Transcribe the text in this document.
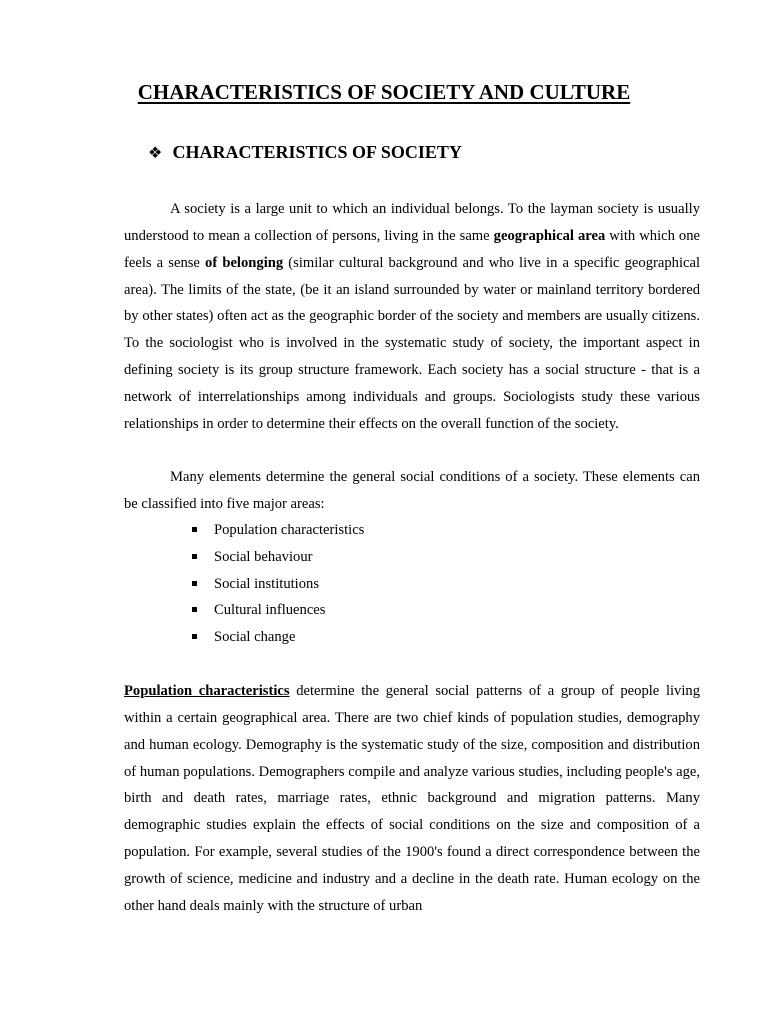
CHARACTERISTICS OF SOCIETY AND CULTURE
❖ CHARACTERISTICS OF SOCIETY

A society is a large unit to which an individual belongs. To the layman society is usually understood to mean a collection of persons, living in the same geographical area with which one feels a sense of belonging (similar cultural background and who live in a specific geographical area). The limits of the state, (be it an island surrounded by water or mainland territory bordered by other states) often act as the geographic border of the society and members are usually citizens. To the sociologist who is involved in the systematic study of society, the important aspect in defining society is its group structure framework. Each society has a social structure - that is a network of interrelationships among individuals and groups. Sociologists study these various relationships in order to determine their effects on the overall function of the society.

Many elements determine the general social conditions of a society. These elements can be classified into five major areas:

Population characteristics
Social behaviour
Social institutions
Cultural influences
Social change

Population characteristics determine the general social patterns of a group of people living within a certain geographical area. There are two chief kinds of population studies, demography and human ecology. Demography is the systematic study of the size, composition and distribution of human populations. Demographers compile and analyze various studies, including people's age, birth and death rates, marriage rates, ethnic background and migration patterns. Many demographic studies explain the effects of social conditions on the size and composition of a population. For example, several studies of the 1900's found a direct correspondence between the growth of science, medicine and industry and a decline in the death rate. Human ecology on the other hand deals mainly with the structure of urban
